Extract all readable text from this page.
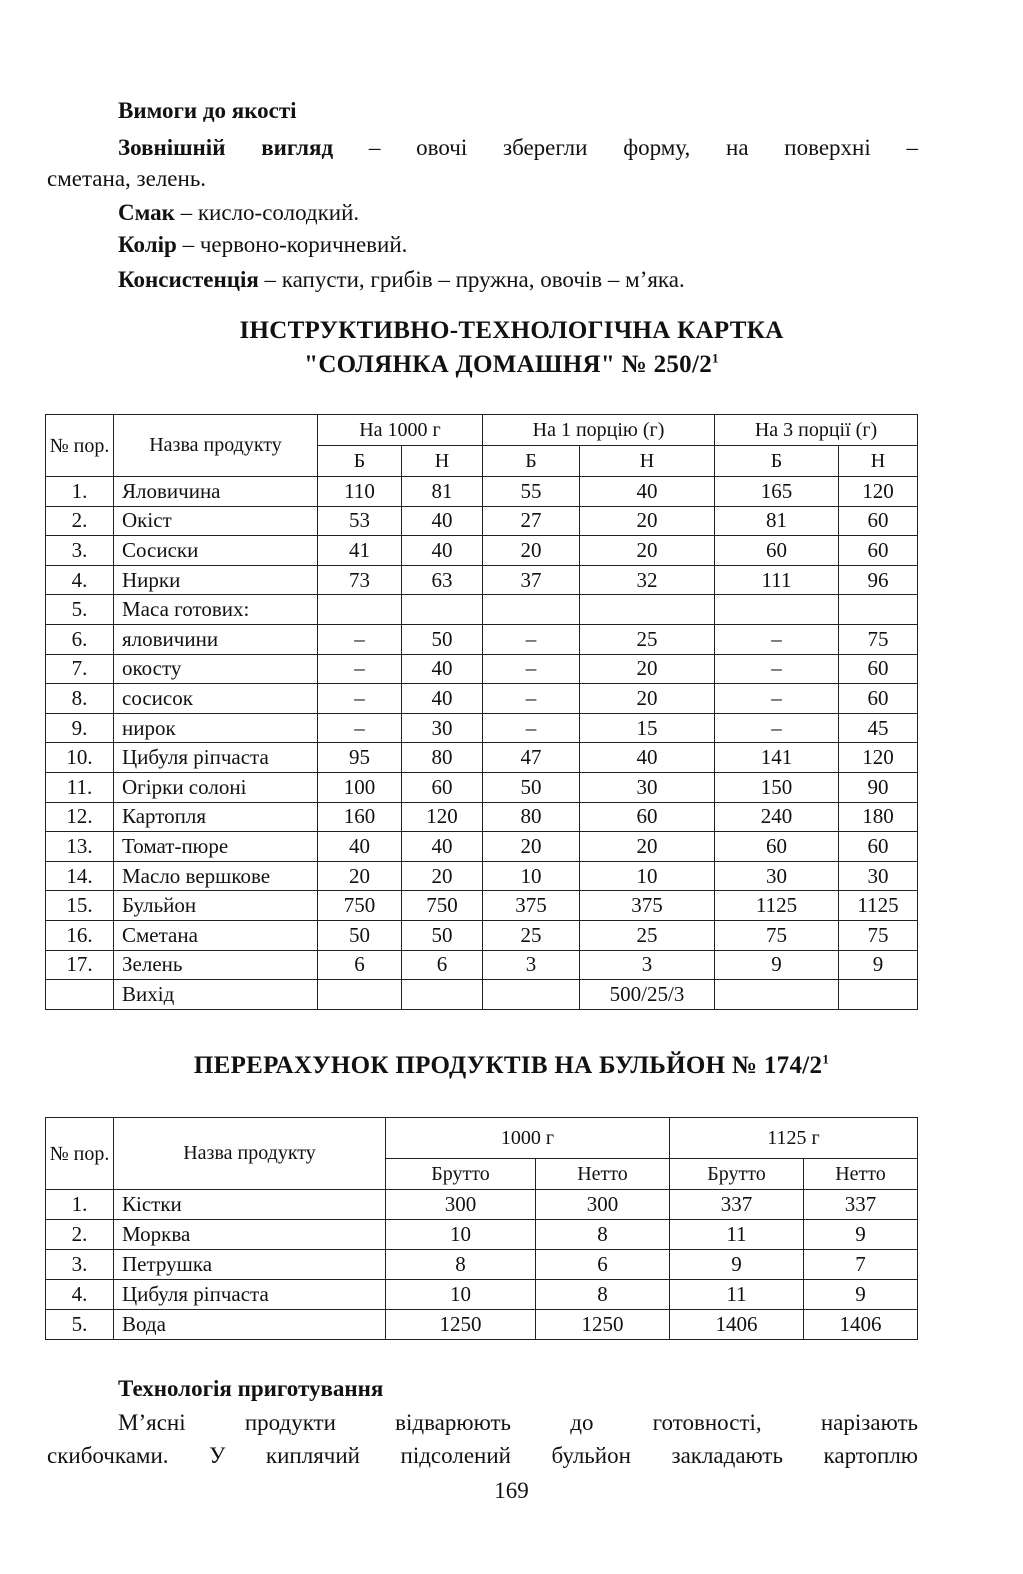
Вимоги до якості
Зовнішній вигляд – овочі зберегли форму, на поверхні –
сметана, зелень.
Смак – кисло-солодкий.
Колір – червоно-коричневий.
Консистенція – капусти, грибів – пружна, овочів – м’яка.
ІНСТРУКТИВНО-ТЕХНОЛОГІЧНА КАРТКА
"СОЛЯНКА ДОМАШНЯ" № $250/2^1$
№ пор.	Назва продукту	На 1000 г		На 1 порцію (г)		На 3 порції (г)	
		Б	Н	Б	Н	Б	Н
1.	Яловичина	110	81	55	40	165	120
2.	Окіст	53	40	27	20	81	60
3.	Сосиски	41	40	20	20	60	60
4.	Нирки	73	63	37	32	111	96
5.	Маса готових:						
6.	яловичини	–	50	–	25	–	75
7.	окосту	–	40	–	20	–	60
8.	сосисок	–	40	–	20	–	60
9.	нирок	–	30	–	15	–	45
10.	Цибуля ріпчаста	95	80	47	40	141	120
11.	Огірки солоні	100	60	50	30	150	90
12.	Картопля	160	120	80	60	240	180
13.	Томат-пюре	40	40	20	20	60	60
14.	Масло вершкове	20	20	10	10	30	30
15.	Бульйон	750	750	375	375	1125	1125
16.	Сметана	50	50	25	25	75	75
17.	Зелень	6	6	3	3	9	9
	Вихід				500/25/3		
ПЕРЕРАХУНОК ПРОДУКТІВ НА БУЛЬЙОН № $174/2^1$
№ пор.	Назва продукту	1000 г		1125 г	
		Брутто	Нетто	Брутто	Нетто
1.	Кістки	300	300	337	337
2.	Морква	10	8	11	9
3.	Петрушка	8	6	9	7
4.	Цибуля ріпчаста	10	8	11	9
5.	Вода	1250	1250	1406	1406
Технологія приготування
М’ясні продукти відварюють до готовності, нарізають
скибочками. У киплячий підсолений бульйон закладають картоплю
169
